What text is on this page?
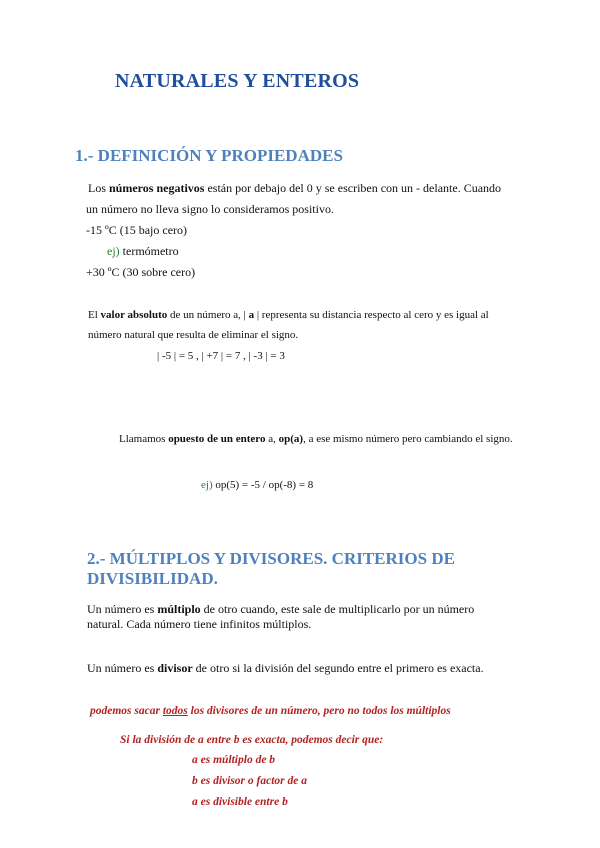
NATURALES Y ENTEROS
1.- DEFINICIÓN Y PROPIEDADES
Los números negativos están por debajo del 0 y se escriben con un - delante. Cuando
un número no lleva signo lo consideramos positivo.
-15 ºC (15 bajo cero)
ej) termómetro
+30 ºC (30 sobre cero)
El valor absoluto de un número a, | a | representa su distancia respecto al cero y es igual al
número natural que resulta de eliminar el signo.
| -5 | = 5 , | +7 | = 7 , | -3 | = 3
Llamamos opuesto de un entero a, op(a), a ese mismo número pero cambiando el signo.
ej) op(5) = -5 / op(-8) = 8
2.- MÚLTIPLOS Y DIVISORES. CRITERIOS DE
DIVISIBILIDAD.
Un número es múltiplo de otro cuando, este sale de multiplicarlo por un número
natural. Cada número tiene infinitos múltiplos.
Un número es divisor de otro si la división del segundo entre el primero es exacta.
podemos sacar todos los divisores de un número, pero no todos los múltiplos
Si la división de a entre b es exacta, podemos decir que:
a es múltiplo de b
b es divisor o factor de a
a es divisible entre b
